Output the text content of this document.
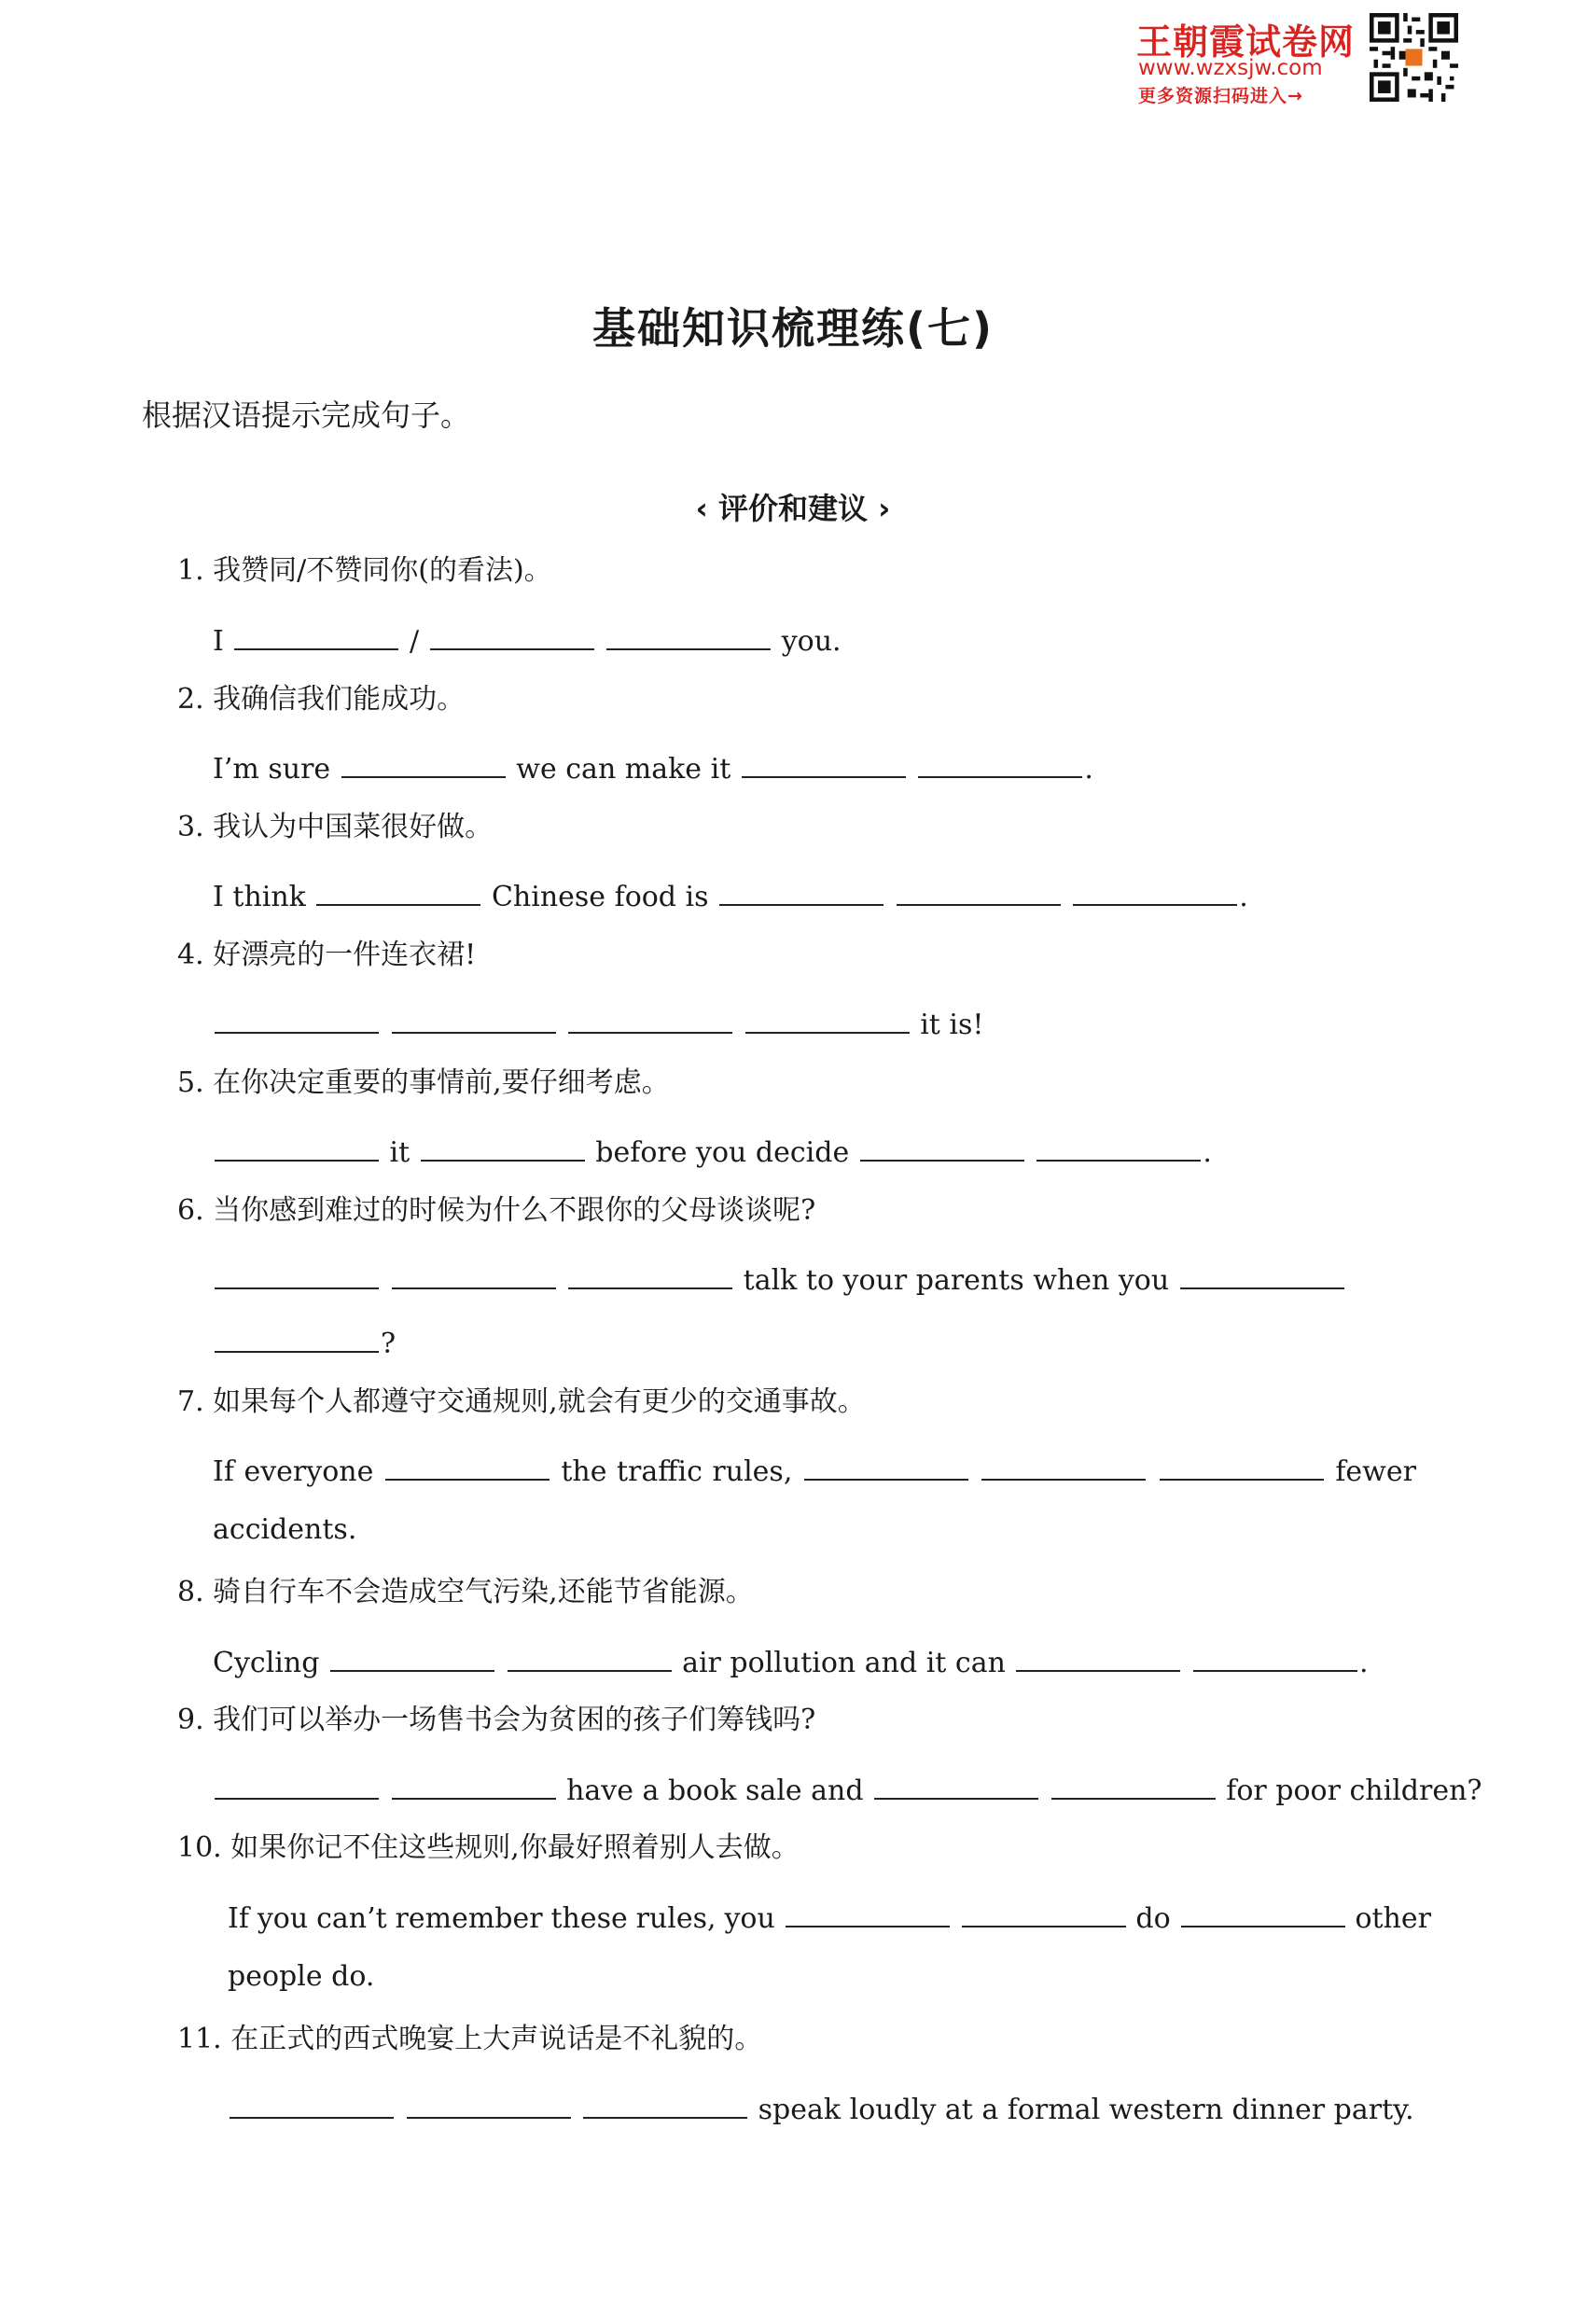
王朝霞试卷网
www.wzxsjw.com
更多资源扫码进入→
基础知识梳理练(七)
根据汉语提示完成句子。
‹ 评价和建议 ›
1. 我赞同/不赞同你(的看法)。
I	/	you.
2. 我确信我们能成功。
I’m sure	we can make it	.
3. 我认为中国菜很好做。
I think	Chinese food is	.
4. 好漂亮的一件连衣裙!
it is!
5. 在你决定重要的事情前,要仔细考虑。
it	before you decide	.
6. 当你感到难过的时候为什么不跟你的父母谈谈呢?
talk to your parents when you
?
7. 如果每个人都遵守交通规则,就会有更少的交通事故。
If everyone	the traffic rules,	fewer
accidents.
8. 骑自行车不会造成空气污染,还能节省能源。
Cycling	air pollution and it can	.
9. 我们可以举办一场售书会为贫困的孩子们筹钱吗?
have a book sale and	for poor children?
10. 如果你记不住这些规则,你最好照着别人去做。
If you can’t remember these rules, you	do	other
people do.
11. 在正式的西式晚宴上大声说话是不礼貌的。
speak loudly at a formal western dinner party.
